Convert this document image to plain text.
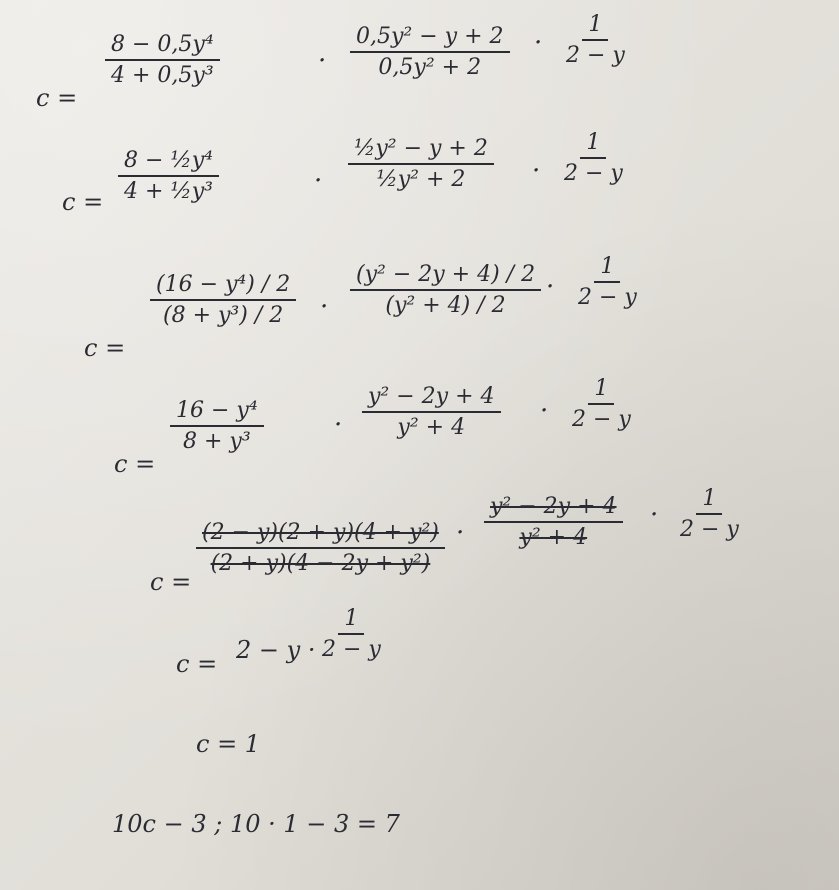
c =
$\frac{\text{8 − 0,5y⁴}}{\text{4 + 0,5y³}}$	· $\frac{\text{0,5y² − y + 2}}{\text{0,5y² + 2}} \cdot \frac{1}{2 - y}$
$c = \frac{\text{8 − ½y⁴}}{\text{4 + ½y³}}$	· $\frac{\text{½y² − y + 2}}{\text{½y² + 2}} \cdot \frac{1}{2 - y}$
c =
$\frac{\text{(16 − y⁴) / 2}}{\text{(8 + y³) / 2}} \cdot \frac{\text{(y² − 2y + 4) / 2}}{\text{(y² + 4) / 2}} \cdot \frac{1}{2 - y}$
c =
$\frac{\text{16 − y⁴}}{\text{8 + y³}}$	· $\frac{\text{y² − 2y + 4}}{\text{y² + 4}} \cdot \frac{1}{2 - y}$
c =
$\frac{\text{(2 − y)(2 + y)(4 + y²)}}{\text{(2 + y)(4 − 2y + y²)}} \cdot \frac{\text{y² − 2y + 4}}{\text{y² + 4}} \cdot \frac{1}{2 - y}$
$c = 2 - y \cdot \frac{1}{2 - y}$
c = 1
10c − 3 ; 10 · 1 − 3 = 7
